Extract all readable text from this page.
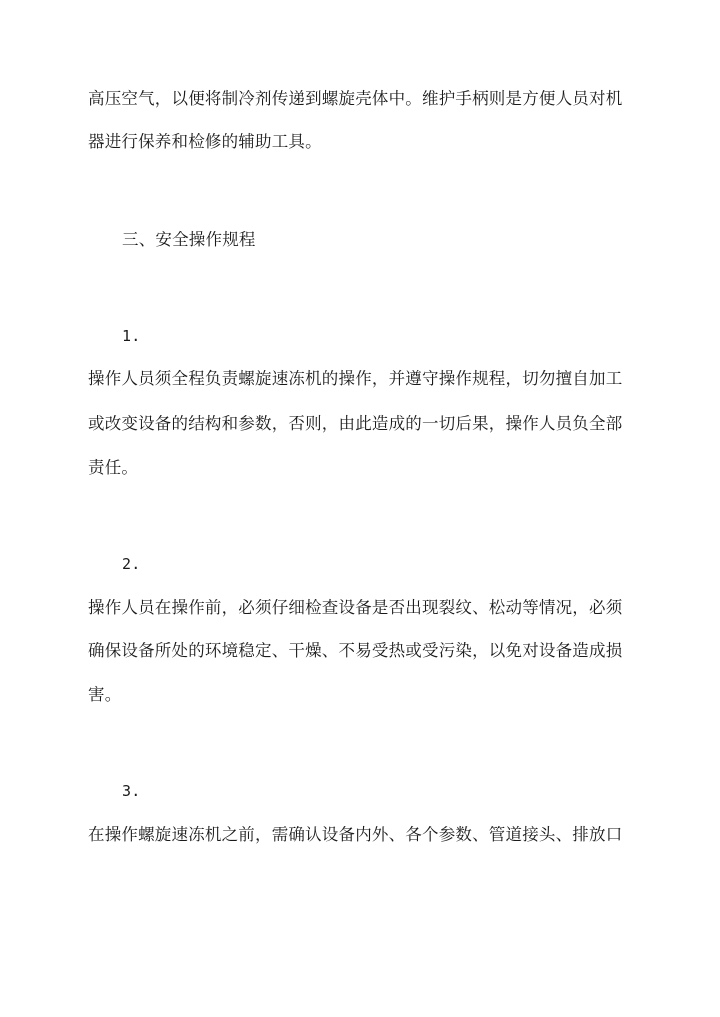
高压空气，以便将制冷剂传递到螺旋壳体中。维护手柄则是方便人员对机
器进行保养和检修的辅助工具。
三、安全操作规程
1.
操作人员须全程负责螺旋速冻机的操作，并遵守操作规程，切勿擅自加工
或改变设备的结构和参数，否则，由此造成的一切后果，操作人员负全部
责任。
2.
操作人员在操作前，必须仔细检查设备是否出现裂纹、松动等情况，必须
确保设备所处的环境稳定、干燥、不易受热或受污染，以免对设备造成损
害。
3.
在操作螺旋速冻机之前，需确认设备内外、各个参数、管道接头、排放口
